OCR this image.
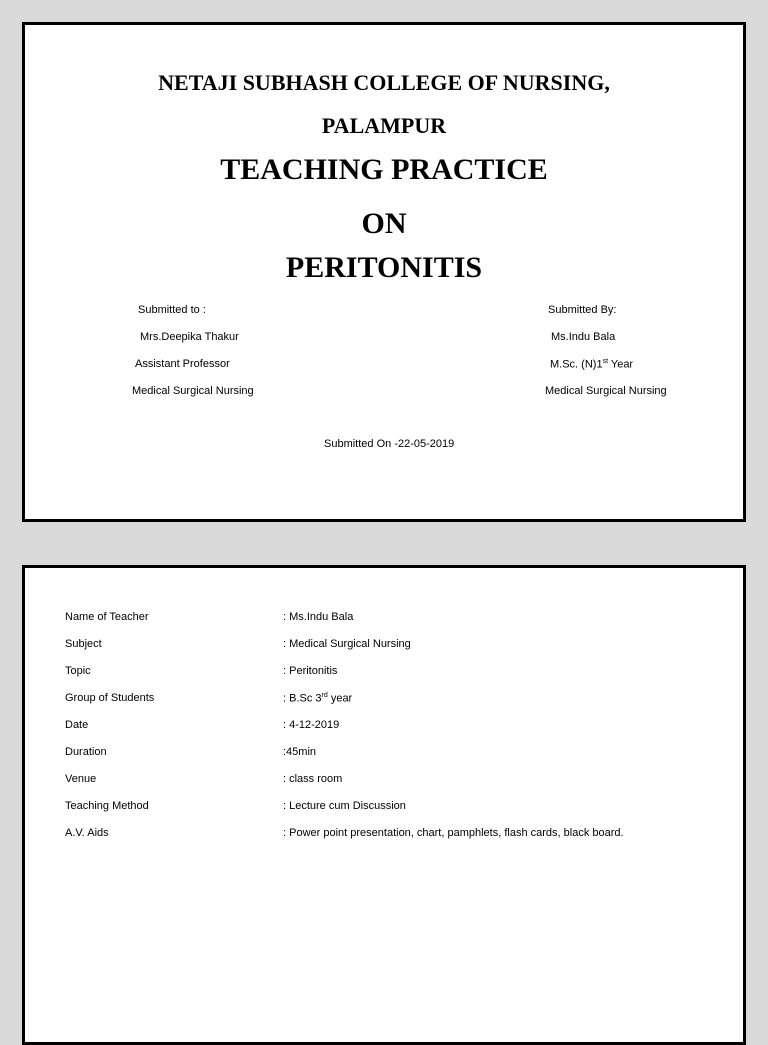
NETAJI SUBHASH COLLEGE OF NURSING,
PALAMPUR
TEACHING PRACTICE
ON
PERITONITIS
Submitted to :
Mrs.Deepika Thakur
Assistant Professor
Medical Surgical Nursing
Submitted By:
Ms.Indu Bala
M.Sc. (N)1st Year
Medical Surgical Nursing
Submitted On -22-05-2019
Name of Teacher	: Ms.Indu Bala
Subject	: Medical Surgical Nursing
Topic	: Peritonitis
Group of Students	: B.Sc 3rd year
Date	: 4-12-2019
Duration	:45min
Venue	: class room
Teaching Method	: Lecture cum Discussion
A.V. Aids	: Power point presentation, chart, pamphlets, flash cards, black board.
